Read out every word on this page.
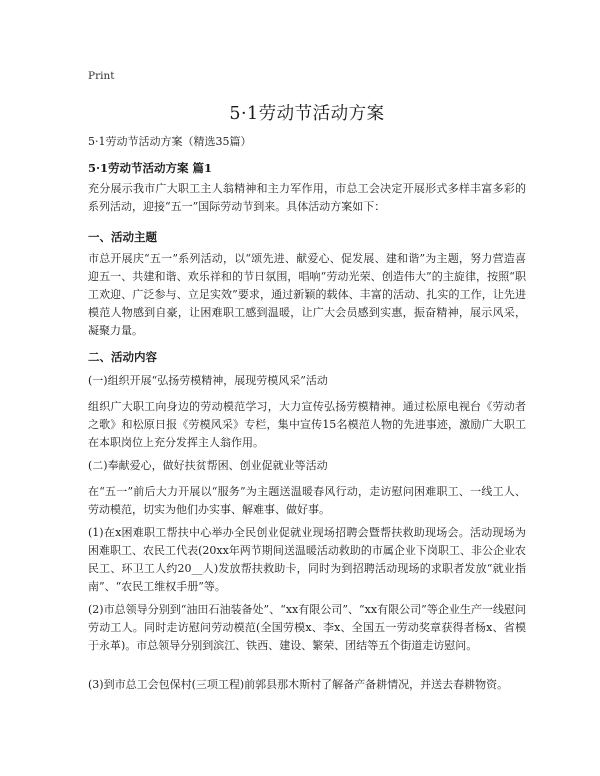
Print
5·1劳动节活动方案
5·1劳动节活动方案（精选35篇）
5·1劳动节活动方案 篇1
充分展示我市广大职工主人翁精神和主力军作用，市总工会决定开展形式多样丰富多彩的系列活动，迎接“五一”国际劳动节到来。具体活动方案如下：
一、活动主题
市总开展庆“五一”系列活动，以“颂先进、献爱心、促发展、建和谐”为主题，努力营造喜迎五一、共建和谐、欢乐祥和的节日氛围，唱响“劳动光荣、创造伟大”的主旋律，按照“职工欢迎、广泛参与、立足实效”要求，通过新颖的载体、丰富的活动、扎实的工作，让先进模范人物感到自豪，让困难职工感到温暖，让广大会员感到实惠，振奋精神，展示风采，凝聚力量。
二、活动内容
(一)组织开展“弘扬劳模精神，展现劳模风采”活动
组织广大职工向身边的劳动模范学习，大力宣传弘扬劳模精神。通过松原电视台《劳动者之歌》和松原日报《劳模风采》专栏，集中宣传15名模范人物的先进事迹，激励广大职工在本职岗位上充分发挥主人翁作用。
(二)奉献爱心，做好扶贫帮困、创业促就业等活动
在“五一”前后大力开展以“服务”为主题送温暖春风行动，走访慰问困难职工、一线工人、劳动模范，切实为他们办实事、解难事、做好事。
(1)在x困难职工帮扶中心举办全民创业促就业现场招聘会暨帮扶救助现场会。活动现场为困难职工、农民工代表(20xx年两节期间送温暖活动救助的市属企业下岗职工、非公企业农民工、环卫工人约20__人)发放帮扶救助卡，同时为到招聘活动现场的求职者发放“就业指南”、“农民工维权手册”等。
(2)市总领导分别到“油田石油装备处”、“xx有限公司”、“xx有限公司”等企业生产一线慰问劳动工人。同时走访慰问劳动模范(全国劳模x、李x、全国五一劳动奖章获得者杨x、省模于永革)。市总领导分别到滨江、铁西、建设、繁荣、团结等五个街道走访慰问。
(3)到市总工会包保村(三项工程)前郭县那木斯村了解备产备耕情况，并送去春耕物资。
